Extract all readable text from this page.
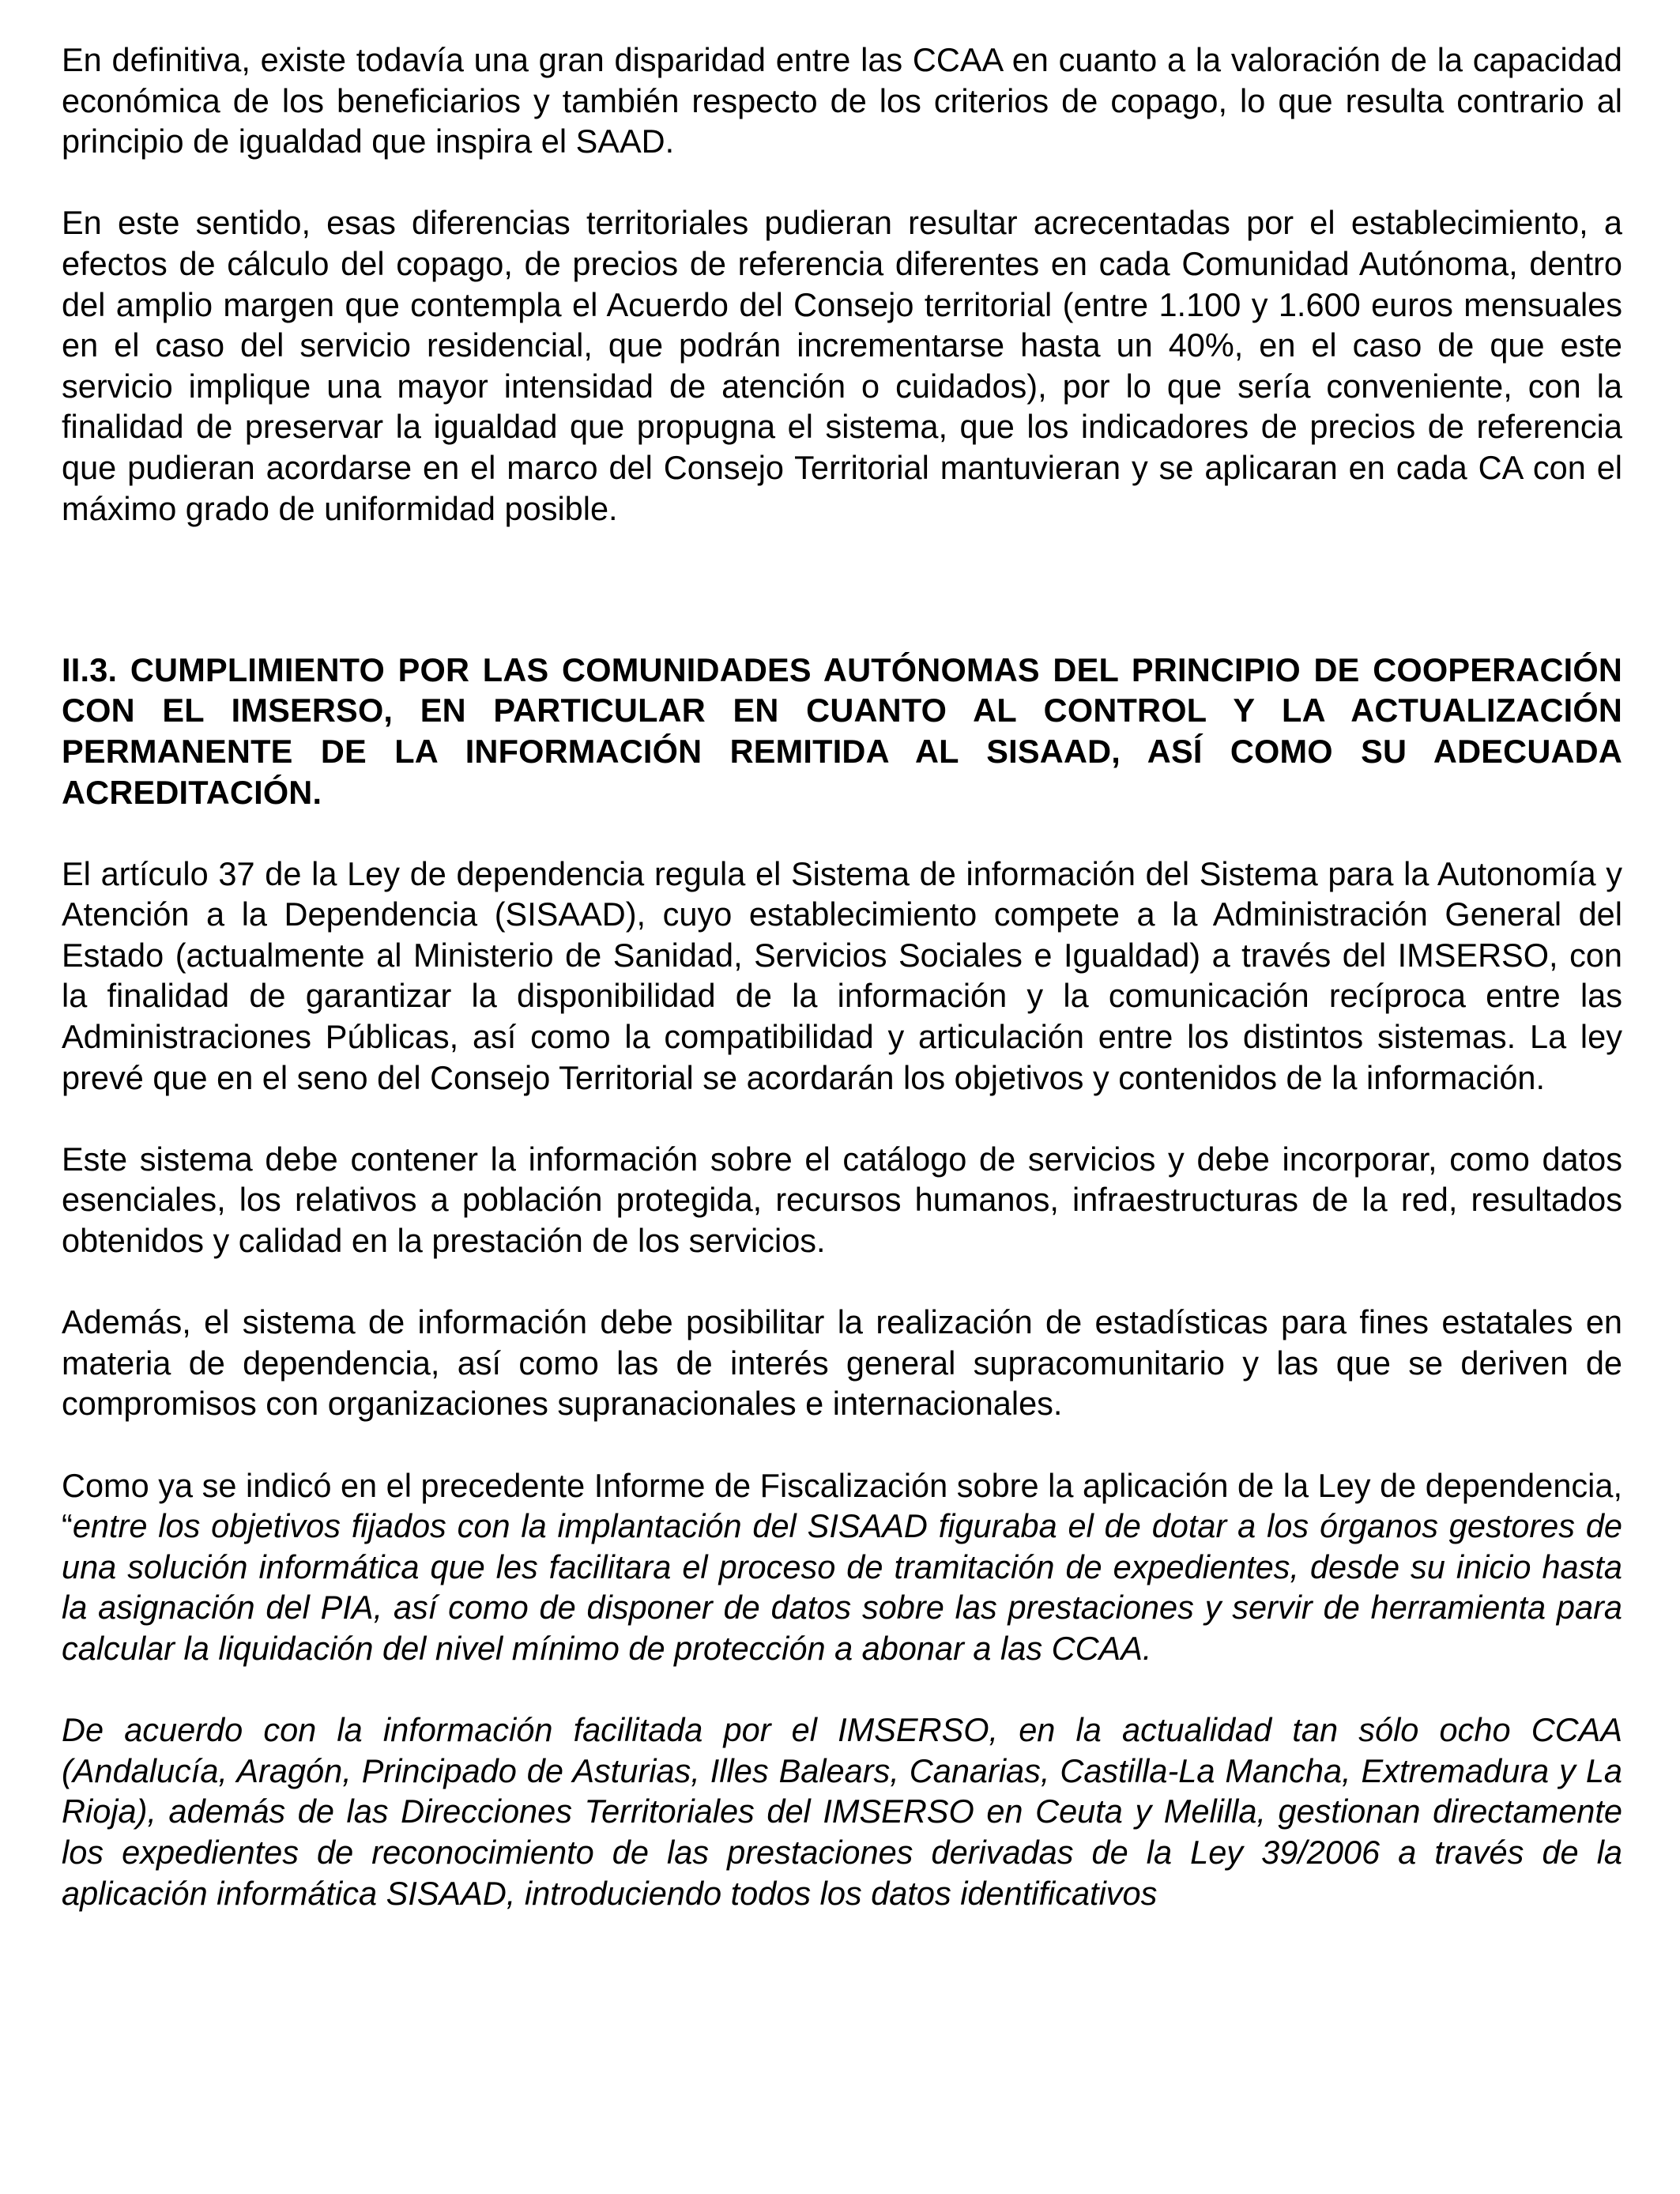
En definitiva, existe todavía una gran disparidad entre las CCAA en cuanto a la valoración de la capacidad económica de los beneficiarios y también respecto de los criterios de copago, lo que resulta contrario al principio de igualdad que inspira el SAAD.

En este sentido, esas diferencias territoriales pudieran resultar acrecentadas por el establecimiento, a efectos de cálculo del copago, de precios de referencia diferentes en cada Comunidad Autónoma, dentro del amplio margen que contempla el Acuerdo del Consejo territorial (entre 1.100 y 1.600 euros mensuales en el caso del servicio residencial, que podrán incrementarse hasta un 40%, en el caso de que este servicio implique una mayor intensidad de atención o cuidados), por lo que sería conveniente, con la finalidad de preservar la igualdad que propugna el sistema, que los indicadores de precios de referencia que pudieran acordarse en el marco del Consejo Territorial mantuvieran y se aplicaran en cada CA con el máximo grado de uniformidad posible.

II.3. CUMPLIMIENTO POR LAS COMUNIDADES AUTÓNOMAS DEL PRINCIPIO DE COOPERACIÓN CON EL IMSERSO, EN PARTICULAR EN CUANTO AL CONTROL Y LA ACTUALIZACIÓN PERMANENTE DE LA INFORMACIÓN REMITIDA AL SISAAD, ASÍ COMO SU ADECUADA ACREDITACIÓN.

El artículo 37 de la Ley de dependencia regula el Sistema de información del Sistema para la Autonomía y Atención a la Dependencia (SISAAD), cuyo establecimiento compete a la Administración General del Estado (actualmente al Ministerio de Sanidad, Servicios Sociales e Igualdad) a través del IMSERSO, con la finalidad de garantizar la disponibilidad de la información y la comunicación recíproca entre las Administraciones Públicas, así como la compatibilidad y articulación entre los distintos sistemas. La ley prevé que en el seno del Consejo Territorial se acordarán los objetivos y contenidos de la información.

Este sistema debe contener la información sobre el catálogo de servicios y debe incorporar, como datos esenciales, los relativos a población protegida, recursos humanos, infraestructuras de la red, resultados obtenidos y calidad en la prestación de los servicios.

Además, el sistema de información debe posibilitar la realización de estadísticas para fines estatales en materia de dependencia, así como las de interés general supracomunitario y las que se deriven de compromisos con organizaciones supranacionales e internacionales.

Como ya se indicó en el precedente Informe de Fiscalización sobre la aplicación de la Ley de dependencia, “entre los objetivos fijados con la implantación del SISAAD figuraba el de dotar a los órganos gestores de una solución informática que les facilitara el proceso de tramitación de expedientes, desde su inicio hasta la asignación del PIA, así como de disponer de datos sobre las prestaciones y servir de herramienta para calcular la liquidación del nivel mínimo de protección a abonar a las CCAA.

De acuerdo con la información facilitada por el IMSERSO, en la actualidad tan sólo ocho CCAA (Andalucía, Aragón, Principado de Asturias, Illes Balears, Canarias, Castilla-La Mancha, Extremadura y La Rioja), además de las Direcciones Territoriales del IMSERSO en Ceuta y Melilla, gestionan directamente los expedientes de reconocimiento de las prestaciones derivadas de la Ley 39/2006 a través de la aplicación informática SISAAD, introduciendo todos los datos identificativos
